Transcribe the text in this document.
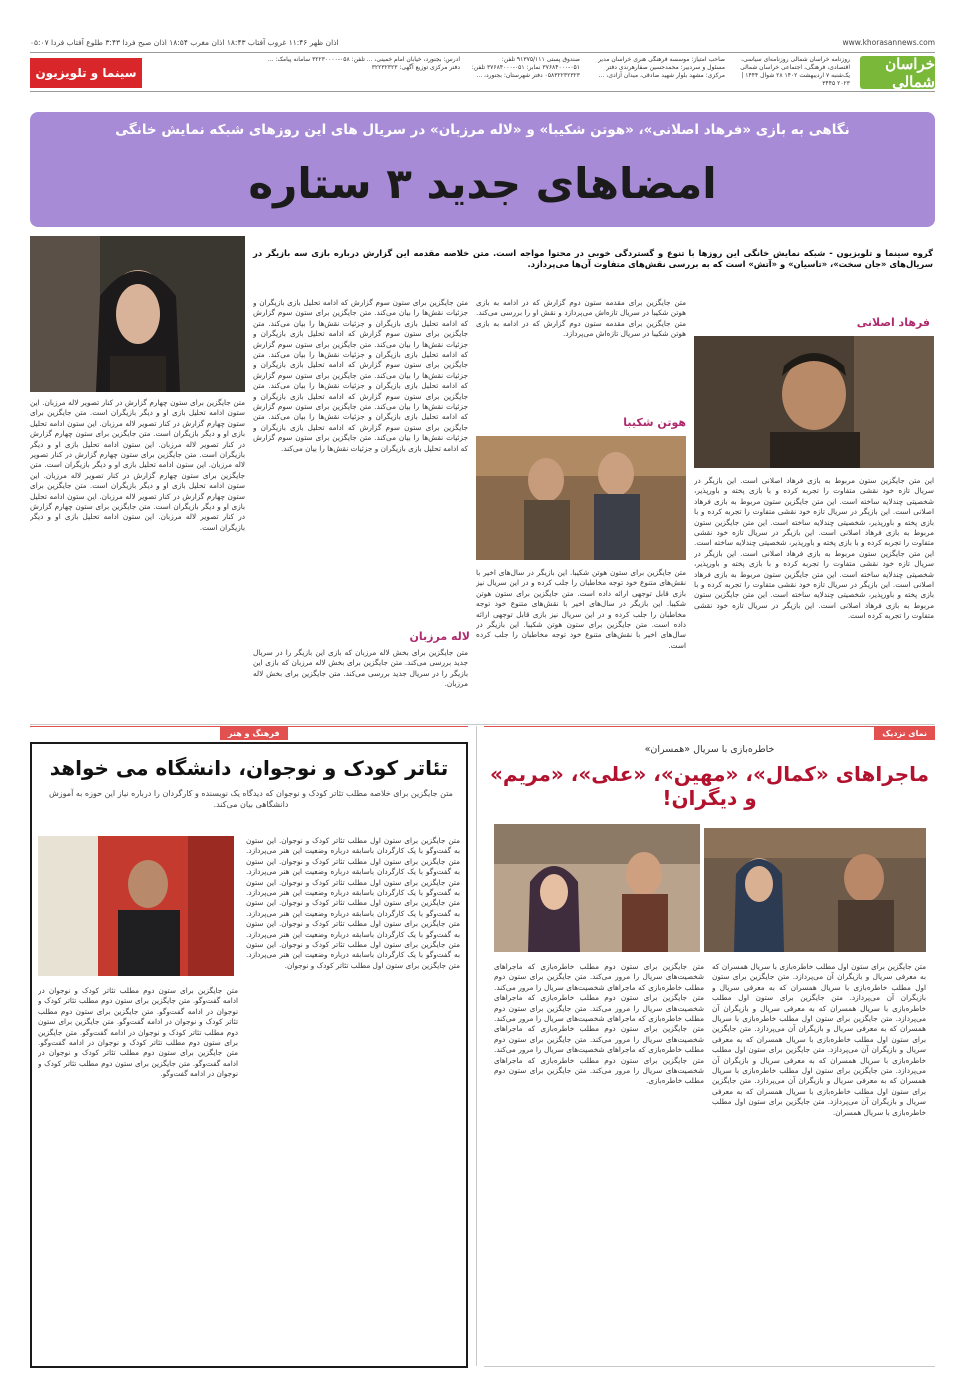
اذان ظهر ۱۱:۴۶ غروب آفتاب ۱۸:۴۳ اذان مغرب ۱۸:۵۴ اذان صبح فردا ۳:۴۳ طلوع آفتاب فردا ۰۵:۰۷	www.khorasannews.com
خراسان شمالی
روزنامه خراسان شمالی روزنامه‌ای سیاسی، اقتصادی، فرهنگی، اجتماعی خراسان شمالی یک‌شنبه ۷ ‌اردیبهشت ۱۴۰۲ ۲۸ شوال ۱۴۴۴ | ۲۰۲۳ ۳۴۴۵
صاحب امتیاز: موسسه فرهنگی هنری خراسان مدیر مسئول و سردبیر: محمدحسین صفارهرندی دفتر مرکزی: مشهد بلوار شهید صادقی، میدان آزادی، ...
صندوق پستی ۹۱۳۷۵/۱۱۱ تلفن: ۰۵۱-۳۷۶۸۴۰۰۰ نمابر: ۰۵۱-۳۷۶۸۴۰۰۰ تلفن: ۰۵۸۳۲۲۳۲۳۲۳ دفتر شهرستان: بجنورد، ...
آدرس: بجنورد، خیابان امام خمینی، ... تلفن: ۰۵۸-۳۲۲۳۰۰۰۰ سامانه پیامک: ... دفتر مرکزی توزیع آگهی: ۳۲۲۳۲۳۲۳
سینما و تلویزیون
نگاهی به بازی «فرهاد اصلانی»، «هوتن شکیبا» و «لاله مرزبان» در سریال های این روزهای شبکه نمایش خانگی
امضاهای جدید ۳ ستاره
گروه سینما و تلویزیون - شبکه نمایش خانگی این روزها با تنوع و گستردگی خوبی در محتوا مواجه است. متن خلاصه مقدمه این گزارش درباره بازی سه بازیگر در سریال‌های «جان سخت»، «تاسیان» و «آتش» است که به بررسی نقش‌های متفاوت آن‌ها می‌پردازد.
متن جایگزین برای ستون چهارم گزارش در کنار تصویر لاله مرزبان. این ستون ادامه تحلیل بازی او و دیگر بازیگران است. متن جایگزین برای ستون چهارم گزارش در کنار تصویر لاله مرزبان. این ستون ادامه تحلیل بازی او و دیگر بازیگران است. متن جایگزین برای ستون چهارم گزارش در کنار تصویر لاله مرزبان. این ستون ادامه تحلیل بازی او و دیگر بازیگران است. متن جایگزین برای ستون چهارم گزارش در کنار تصویر لاله مرزبان. این ستون ادامه تحلیل بازی او و دیگر بازیگران است. متن جایگزین برای ستون چهارم گزارش در کنار تصویر لاله مرزبان. این ستون ادامه تحلیل بازی او و دیگر بازیگران است. متن جایگزین برای ستون چهارم گزارش در کنار تصویر لاله مرزبان. این ستون ادامه تحلیل بازی او و دیگر بازیگران است. متن جایگزین برای ستون چهارم گزارش در کنار تصویر لاله مرزبان. این ستون ادامه تحلیل بازی او و دیگر بازیگران است.
متن جایگزین برای ستون سوم گزارش که ادامه تحلیل بازی بازیگران و جزئیات نقش‌ها را بیان می‌کند. متن جایگزین برای ستون سوم گزارش که ادامه تحلیل بازی بازیگران و جزئیات نقش‌ها را بیان می‌کند. متن جایگزین برای ستون سوم گزارش که ادامه تحلیل بازی بازیگران و جزئیات نقش‌ها را بیان می‌کند. متن جایگزین برای ستون سوم گزارش که ادامه تحلیل بازی بازیگران و جزئیات نقش‌ها را بیان می‌کند. متن جایگزین برای ستون سوم گزارش که ادامه تحلیل بازی بازیگران و جزئیات نقش‌ها را بیان می‌کند. متن جایگزین برای ستون سوم گزارش که ادامه تحلیل بازی بازیگران و جزئیات نقش‌ها را بیان می‌کند. متن جایگزین برای ستون سوم گزارش که ادامه تحلیل بازی بازیگران و جزئیات نقش‌ها را بیان می‌کند. متن جایگزین برای ستون سوم گزارش که ادامه تحلیل بازی بازیگران و جزئیات نقش‌ها را بیان می‌کند. متن جایگزین برای ستون سوم گزارش که ادامه تحلیل بازی بازیگران و جزئیات نقش‌ها را بیان می‌کند. متن جایگزین برای ستون سوم گزارش که ادامه تحلیل بازی بازیگران و جزئیات نقش‌ها را بیان می‌کند.
لاله مرزبان
متن جایگزین برای بخش لاله مرزبان که بازی این بازیگر را در سریال جدید بررسی می‌کند. متن جایگزین برای بخش لاله مرزبان که بازی این بازیگر را در سریال جدید بررسی می‌کند. متن جایگزین برای بخش لاله مرزبان.
متن جایگزین برای مقدمه ستون دوم گزارش که در ادامه به بازی هوتن شکیبا در سریال تازه‌اش می‌پردازد و نقش او را بررسی می‌کند. متن جایگزین برای مقدمه ستون دوم گزارش که در ادامه به بازی هوتن شکیبا در سریال تازه‌اش می‌پردازد.
هوتن شکیبا
متن جایگزین برای ستون هوتن شکیبا. این بازیگر در سال‌های اخیر با نقش‌های متنوع خود توجه مخاطبان را جلب کرده و در این سریال نیز بازی قابل توجهی ارائه داده است. متن جایگزین برای ستون هوتن شکیبا. این بازیگر در سال‌های اخیر با نقش‌های متنوع خود توجه مخاطبان را جلب کرده و در این سریال نیز بازی قابل توجهی ارائه داده است. متن جایگزین برای ستون هوتن شکیبا. این بازیگر در سال‌های اخیر با نقش‌های متنوع خود توجه مخاطبان را جلب کرده است.
فرهاد اصلانی
این متن جایگزین ستون مربوط به بازی فرهاد اصلانی است. این بازیگر در سریال تازه خود نقشی متفاوت را تجربه کرده و با بازی پخته و باورپذیر، شخصیتی چندلایه ساخته است. این متن جایگزین ستون مربوط به بازی فرهاد اصلانی است. این بازیگر در سریال تازه خود نقشی متفاوت را تجربه کرده و با بازی پخته و باورپذیر، شخصیتی چندلایه ساخته است. این متن جایگزین ستون مربوط به بازی فرهاد اصلانی است. این بازیگر در سریال تازه خود نقشی متفاوت را تجربه کرده و با بازی پخته و باورپذیر، شخصیتی چندلایه ساخته است. این متن جایگزین ستون مربوط به بازی فرهاد اصلانی است. این بازیگر در سریال تازه خود نقشی متفاوت را تجربه کرده و با بازی پخته و باورپذیر، شخصیتی چندلایه ساخته است. این متن جایگزین ستون مربوط به بازی فرهاد اصلانی است. این بازیگر در سریال تازه خود نقشی متفاوت را تجربه کرده و با بازی پخته و باورپذیر، شخصیتی چندلایه ساخته است. این متن جایگزین ستون مربوط به بازی فرهاد اصلانی است. این بازیگر در سریال تازه خود نقشی متفاوت را تجربه کرده است.
نمای نزدیک
خاطره‌بازی با سریال «همسران»
ماجراهای «کمال»، «مهین»، «علی»، «مریم» و دیگران!
متن جایگزین برای ستون دوم مطلب خاطره‌بازی که ماجراهای شخصیت‌های سریال را مرور می‌کند. متن جایگزین برای ستون دوم مطلب خاطره‌بازی که ماجراهای شخصیت‌های سریال را مرور می‌کند. متن جایگزین برای ستون دوم مطلب خاطره‌بازی که ماجراهای شخصیت‌های سریال را مرور می‌کند. متن جایگزین برای ستون دوم مطلب خاطره‌بازی که ماجراهای شخصیت‌های سریال را مرور می‌کند. متن جایگزین برای ستون دوم مطلب خاطره‌بازی که ماجراهای شخصیت‌های سریال را مرور می‌کند. متن جایگزین برای ستون دوم مطلب خاطره‌بازی که ماجراهای شخصیت‌های سریال را مرور می‌کند. متن جایگزین برای ستون دوم مطلب خاطره‌بازی که ماجراهای شخصیت‌های سریال را مرور می‌کند. متن جایگزین برای ستون دوم مطلب خاطره‌بازی.
متن جایگزین برای ستون اول مطلب خاطره‌بازی با سریال همسران که به معرفی سریال و بازیگران آن می‌پردازد. متن جایگزین برای ستون اول مطلب خاطره‌بازی با سریال همسران که به معرفی سریال و بازیگران آن می‌پردازد. متن جایگزین برای ستون اول مطلب خاطره‌بازی با سریال همسران که به معرفی سریال و بازیگران آن می‌پردازد. متن جایگزین برای ستون اول مطلب خاطره‌بازی با سریال همسران که به معرفی سریال و بازیگران آن می‌پردازد. متن جایگزین برای ستون اول مطلب خاطره‌بازی با سریال همسران که به معرفی سریال و بازیگران آن می‌پردازد. متن جایگزین برای ستون اول مطلب خاطره‌بازی با سریال همسران که به معرفی سریال و بازیگران آن می‌پردازد. متن جایگزین برای ستون اول مطلب خاطره‌بازی با سریال همسران که به معرفی سریال و بازیگران آن می‌پردازد. متن جایگزین برای ستون اول مطلب خاطره‌بازی با سریال همسران که به معرفی سریال و بازیگران آن می‌پردازد. متن جایگزین برای ستون اول مطلب خاطره‌بازی با سریال همسران.
فرهنگ و هنر
تئاتر کودک و نوجوان، دانشگاه می خواهد
متن جایگزین برای خلاصه مطلب تئاتر کودک و نوجوان که دیدگاه یک نویسنده و کارگردان را درباره نیاز این حوزه به آموزش دانشگاهی بیان می‌کند.
متن جایگزین برای ستون دوم مطلب تئاتر کودک و نوجوان در ادامه گفت‌وگو. متن جایگزین برای ستون دوم مطلب تئاتر کودک و نوجوان در ادامه گفت‌وگو. متن جایگزین برای ستون دوم مطلب تئاتر کودک و نوجوان در ادامه گفت‌وگو. متن جایگزین برای ستون دوم مطلب تئاتر کودک و نوجوان در ادامه گفت‌وگو. متن جایگزین برای ستون دوم مطلب تئاتر کودک و نوجوان در ادامه گفت‌وگو. متن جایگزین برای ستون دوم مطلب تئاتر کودک و نوجوان در ادامه گفت‌وگو. متن جایگزین برای ستون دوم مطلب تئاتر کودک و نوجوان در ادامه گفت‌وگو.
متن جایگزین برای ستون اول مطلب تئاتر کودک و نوجوان. این ستون به گفت‌وگو با یک کارگردان باسابقه درباره وضعیت این هنر می‌پردازد. متن جایگزین برای ستون اول مطلب تئاتر کودک و نوجوان. این ستون به گفت‌وگو با یک کارگردان باسابقه درباره وضعیت این هنر می‌پردازد. متن جایگزین برای ستون اول مطلب تئاتر کودک و نوجوان. این ستون به گفت‌وگو با یک کارگردان باسابقه درباره وضعیت این هنر می‌پردازد. متن جایگزین برای ستون اول مطلب تئاتر کودک و نوجوان. این ستون به گفت‌وگو با یک کارگردان باسابقه درباره وضعیت این هنر می‌پردازد. متن جایگزین برای ستون اول مطلب تئاتر کودک و نوجوان. این ستون به گفت‌وگو با یک کارگردان باسابقه درباره وضعیت این هنر می‌پردازد. متن جایگزین برای ستون اول مطلب تئاتر کودک و نوجوان. این ستون به گفت‌وگو با یک کارگردان باسابقه درباره وضعیت این هنر می‌پردازد. متن جایگزین برای ستون اول مطلب تئاتر کودک و نوجوان.
